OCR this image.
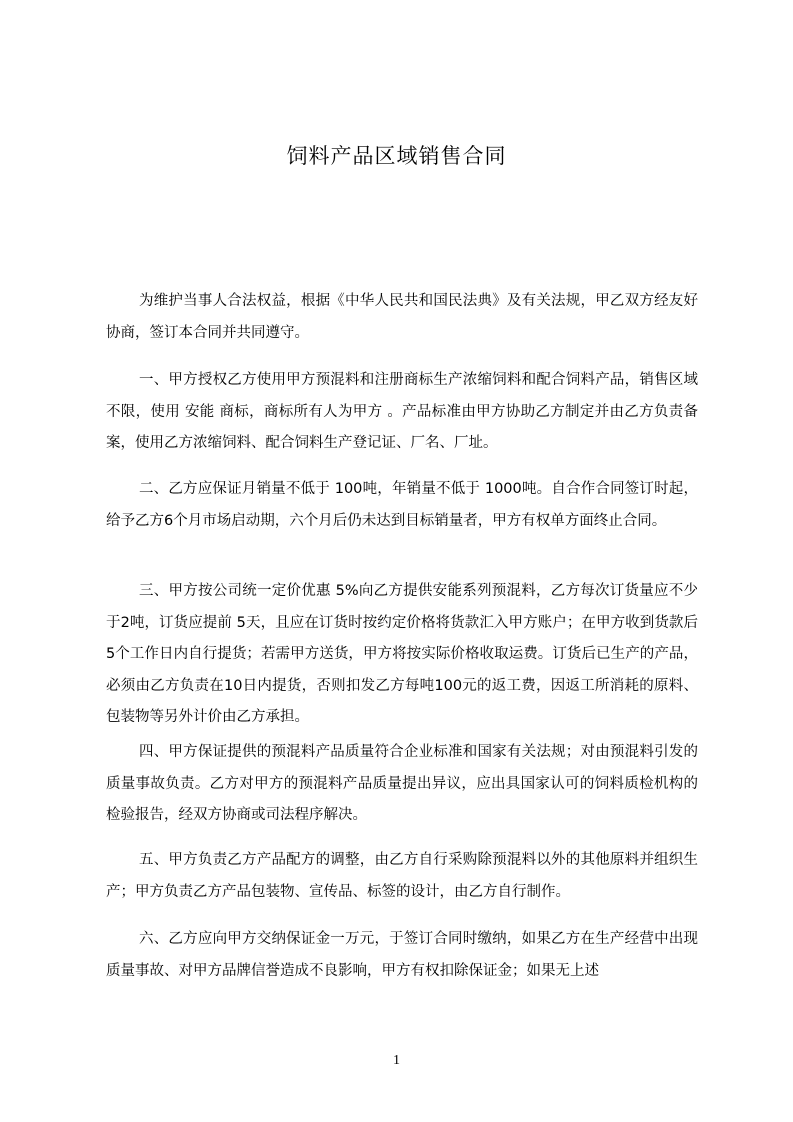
饲料产品区域销售合同
为维护当事人合法权益，根据《中华人民共和国民法典》及有关法规，甲乙双方经友好协商，签订本合同并共同遵守。
一、甲方授权乙方使用甲方预混料和注册商标生产浓缩饲料和配合饲料产品，销售区域不限，使用 安能 商标，商标所有人为甲方 。产品标准由甲方协助乙方制定并由乙方负责备案，使用乙方浓缩饲料、配合饲料生产登记证、厂名、厂址。
二、乙方应保证月销量不低于 100吨，年销量不低于 1000吨。自合作合同签订时起，给予乙方6个月市场启动期，六个月后仍未达到目标销量者，甲方有权单方面终止合同。
三、甲方按公司统一定价优惠 5%向乙方提供安能系列预混料，乙方每次订货量应不少于2吨，订货应提前 5天，且应在订货时按约定价格将货款汇入甲方账户；在甲方收到货款后5个工作日内自行提货；若需甲方送货，甲方将按实际价格收取运费。订货后已生产的产品，必须由乙方负责在10日内提货，否则扣发乙方每吨100元的返工费，因返工所消耗的原料、包装物等另外计价由乙方承担。
四、甲方保证提供的预混料产品质量符合企业标准和国家有关法规；对由预混料引发的质量事故负责。乙方对甲方的预混料产品质量提出异议，应出具国家认可的饲料质检机构的检验报告，经双方协商或司法程序解决。
五、甲方负责乙方产品配方的调整，由乙方自行采购除预混料以外的其他原料并组织生产；甲方负责乙方产品包装物、宣传品、标签的设计，由乙方自行制作。
六、乙方应向甲方交纳保证金一万元，于签订合同时缴纳，如果乙方在生产经营中出现质量事故、对甲方品牌信誉造成不良影响，甲方有权扣除保证金；如果无上述
1
